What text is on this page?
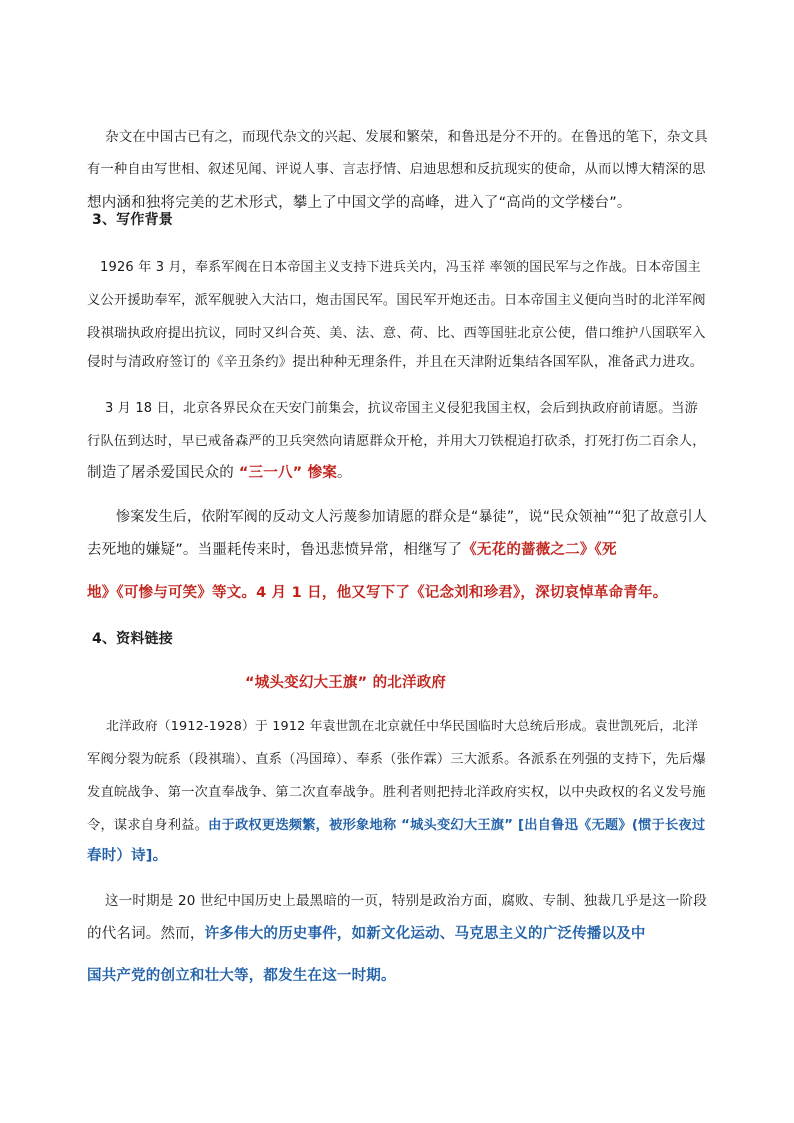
杂文在中国古已有之，而现代杂文的兴起、发展和繁荣，和鲁迅是分不开的。在鲁迅的笔下，杂文具
有一种自由写世相、叙述见闻、评说人事、言志抒情、启迪思想和反抗现实的使命，从而以博大精深的思
想内涵和独将完美的艺术形式，攀上了中国文学的高峰，进入了“高尚的文学楼台”。
3、写作背景
1926 年 3 月，奉系军阀在日本帝国主义支持下进兵关内，冯玉祥 率领的国民军与之作战。日本帝国主
义公开援助奉军，派军舰驶入大沽口，炮击国民军。国民军开炮还击。日本帝国主义便向当时的北洋军阀
段祺瑞执政府提出抗议，同时又纠合英、美、法、意、荷、比、西等国驻北京公使，借口维护八国联军入
侵时与清政府签订的《辛丑条约》提出种种无理条件，并且在天津附近集结各国军队，准备武力进攻。
3 月 18 日，北京各界民众在天安门前集会，抗议帝国主义侵犯我国主权，会后到执政府前请愿。当游
行队伍到达时，早已戒备森严的卫兵突然向请愿群众开枪，并用大刀铁棍追打砍杀，打死打伤二百余人，
制造了屠杀爱国民众的 “三一八” 惨案。
惨案发生后，依附军阀的反动文人污蔑参加请愿的群众是“暴徒”，说“民众领袖”“犯了故意引人
去死地的嫌疑”。当噩耗传来时，鲁迅悲愤异常，相继写了《无花的蔷薇之二》《死
地》《可惨与可笑》等文。4 月 1 日，他又写下了《记念刘和珍君》，深切哀悼革命青年。
4、资料链接
“城头变幻大王旗” 的北洋政府
北洋政府（1912-1928）于 1912 年袁世凯在北京就任中华民国临时大总统后形成。袁世凯死后，北洋
军阀分裂为皖系（段祺瑞）、直系（冯国璋）、奉系（张作霖）三大派系。各派系在列强的支持下，先后爆
发直皖战争、第一次直奉战争、第二次直奉战争。胜利者则把持北洋政府实权，以中央政权的名义发号施
令，谋求自身利益。由于政权更迭频繁，被形象地称 “城头变幻大王旗” [出自鲁迅《无题》(惯于长夜过
春时）诗]。
这一时期是 20 世纪中国历史上最黑暗的一页，特别是政治方面，腐败、专制、独裁几乎是这一阶段
的代名词。然而，许多伟大的历史事件，如新文化运动、马克思主义的广泛传播以及中
国共产党的创立和壮大等，都发生在这一时期。
